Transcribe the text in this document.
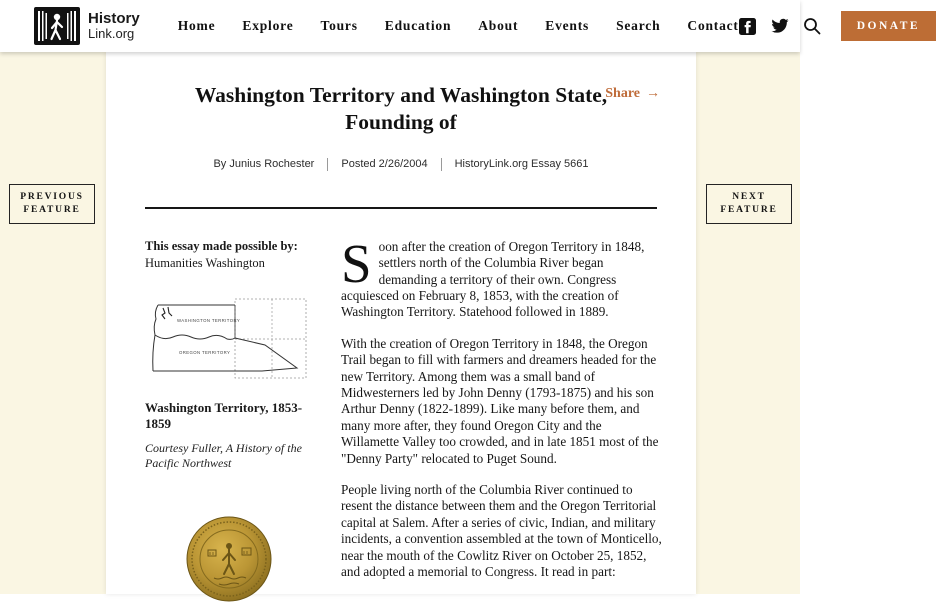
History
Link.org
Home Explore Tours Education About Events Search Contact	DONATE
PREVIOUS
FEATURE
NEXT
FEATURE
Share →
Washington Territory and Washington State, Founding of
By Junius Rochester Posted 2/26/2004 HistoryLink.org Essay 5661
This essay made possible by:
Humanities Washington
WASHINGTON TERRITORY
OREGON TERRITORY
Washington Territory, 1853-1859
Courtesy Fuller, A History of the Pacific Northwest

Soon after the creation of Oregon Territory in 1848, settlers north of the Columbia River began demanding a territory of their own. Congress acquiesced on February 8, 1853, with the creation of Washington Territory. Statehood followed in 1889.

With the creation of Oregon Territory in 1848, the Oregon Trail began to fill with farmers and dreamers headed for the new Territory. Among them was a small band of Midwesterners led by John Denny (1793-1875) and his son Arthur Denny (1822-1899). Like many before them, and many more after, they found Oregon City and the Willamette Valley too crowded, and in late 1851 most of the "Denny Party" relocated to Puget Sound.

People living north of the Columbia River continued to resent the distance between them and the Oregon Territorial capital at Salem. After a series of civic, Indian, and military incidents, a convention assembled at the town of Monticello, near the mouth of the Cowlitz River on October 25, 1852, and adopted a memorial to Congress. It read in part:
